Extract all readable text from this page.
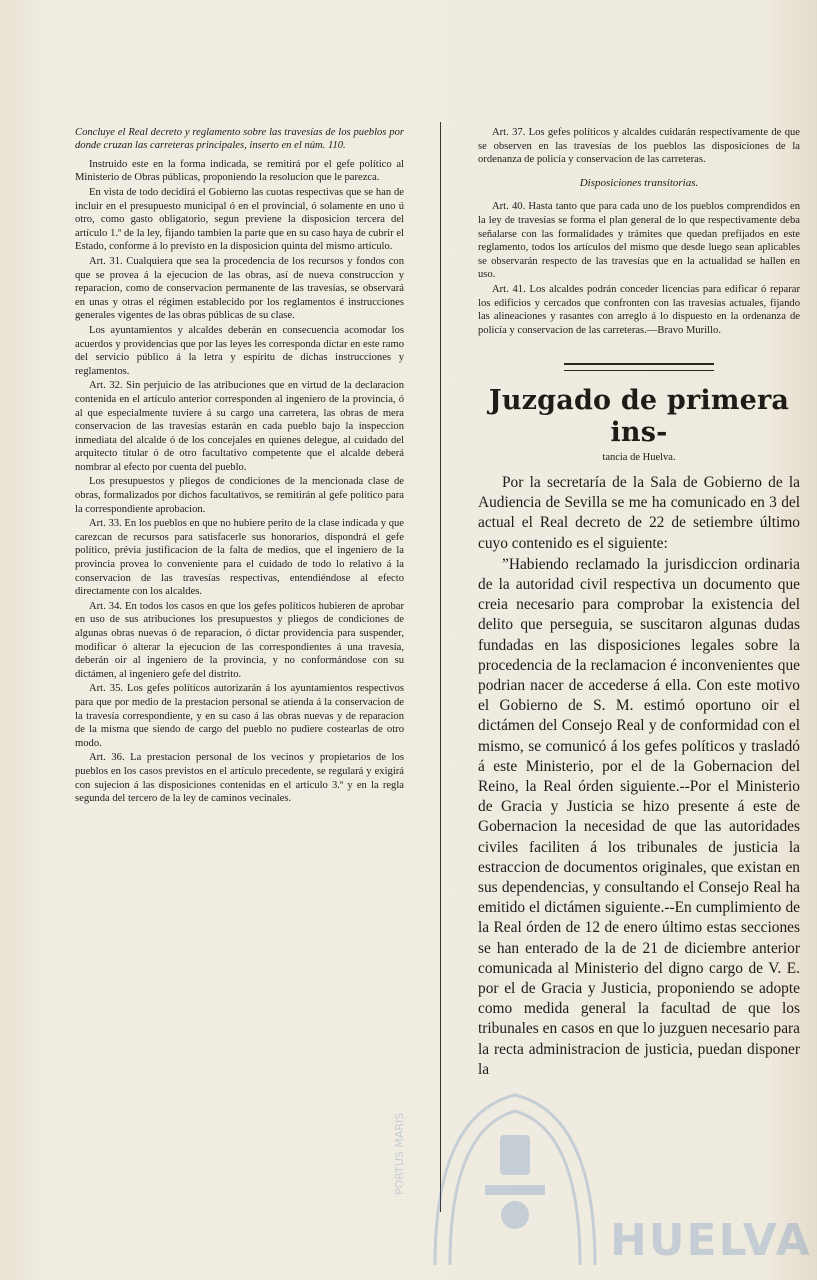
Concluye el Real decreto y reglamento sobre las travesías de los pueblos por donde cruzan las carreteras principales, inserto en el núm. 110.

Instruido este en la forma indicada, se remitirá por el gefe político al Ministerio de Obras públicas, proponiendo la resolucion que le parezca.

En vista de todo decidirá el Gobierno las cuotas respectivas que se han de incluir en el presupuesto municipal ó en el provincial, ó solamente en uno ú otro, como gasto obligatorio, segun previene la disposicion tercera del artículo 1.º de la ley, fijando tambien la parte que en su caso haya de cubrir el Estado, conforme á lo previsto en la disposicion quinta del mismo artículo.

Art. 31. Cualquiera que sea la procedencia de los recursos y fondos con que se provea á la ejecucion de las obras, así de nueva construccion y reparacion, como de conservacion permanente de las travesías, se observará en unas y otras el régimen establecido por los reglamentos é instrucciones generales vigentes de las obras públicas de su clase.

Los ayuntamientos y alcaldes deberán en consecuencia acomodar los acuerdos y providencias que por las leyes les corresponda dictar en este ramo del servicio público á la letra y espíritu de dichas instrucciones y reglamentos.

Art. 32. Sin perjuicio de las atribuciones que en virtud de la declaracion contenida en el artículo anterior corresponden al ingeniero de la provincia, ó al que especialmente tuviere á su cargo una carretera, las obras de mera conservacion de las travesías estarán en cada pueblo bajo la inspeccion inmediata del alcalde ó de los concejales en quienes delegue, al cuidado del arquitecto titular ó de otro facultativo competente que el alcalde deberá nombrar al efecto por cuenta del pueblo.

Los presupuestos y pliegos de condiciones de la mencionada clase de obras, formalizados por dichos facultativos, se remitirán al gefe político para la correspondiente aprobacion.

Art. 33. En los pueblos en que no hubiere perito de la clase indicada y que carezcan de recursos para satisfacerle sus honorarios, dispondrá el gefe político, prévia justificacion de la falta de medios, que el ingeniero de la provincia provea lo conveniente para el cuidado de todo lo relativo á la conservacion de las travesías respectivas, entendiéndose al efecto directamente con los alcaldes.

Art. 34. En todos los casos en que los gefes políticos hubieren de aprobar en uso de sus atribuciones los presupuestos y pliegos de condiciones de algunas obras nuevas ó de reparacion, ó dictar providencia para suspender, modificar ó alterar la ejecucion de las correspondientes á una travesía, deberán oir al ingeniero de la provincia, y no conformándose con su dictámen, al ingeniero gefe del distrito.

Art. 35. Los gefes políticos autorizarán á los ayuntamientos respectivos para que por medio de la prestacion personal se atienda á la conservacion de la travesía correspondiente, y en su caso á las obras nuevas y de reparacion de la misma que siendo de cargo del pueblo no pudiere costearlas de otro modo.

Art. 36. La prestacion personal de los vecinos y propietarios de los pueblos en los casos previstos en el artículo precedente, se regulará y exigirá con sujecion á las disposiciones contenidas en el artículo 3.º y en la regla segunda del tercero de la ley de caminos vecinales.

Art. 37. Los gefes políticos y alcaldes cuidarán respectivamente de que se observen en las travesías de los pueblos las disposiciones de la ordenanza de policía y conservacion de las carreteras.

Disposiciones transitorias.

Art. 40. Hasta tanto que para cada uno de los pueblos comprendidos en la ley de travesías se forma el plan general de lo que respectivamente deba señalarse con las formalidades y trámites que quedan prefijados en este reglamento, todos los artículos del mismo que desde luego sean aplicables se observarán respecto de las travesías que en la actualidad se hallen en uso.

Art. 41. Los alcaldes podrán conceder licencias para edificar ó reparar los edificios y cercados que confronten con las travesías actuales, fijando las alineaciones y rasantes con arreglo á lo dispuesto en la ordenanza de policía y conservacion de las carreteras.—Bravo Murillo.

Juzgado de primera ins-
tancia de Huelva.

Por la secretaría de la Sala de Gobierno de la Audiencia de Sevilla se me ha comunicado en 3 del actual el Real decreto de 22 de setiembre último cuyo contenido es el siguiente:

”Habiendo reclamado la jurisdiccion ordinaria de la autoridad civil respectiva un documento que creia necesario para comprobar la existencia del delito que perseguia, se suscitaron algunas dudas fundadas en las disposiciones legales sobre la procedencia de la reclamacion é inconvenientes que podrian nacer de accederse á ella. Con este motivo el Gobierno de S. M. estimó oportuno oir el dictámen del Consejo Real y de conformidad con el mismo, se comunicó á los gefes políticos y trasladó á este Ministerio, por el de la Gobernacion del Reino, la Real órden siguiente.--Por el Ministerio de Gracia y Justicia se hizo presente á este de Gobernacion la necesidad de que las autoridades civiles faciliten á los tribunales de justicia la estraccion de documentos originales, que existan en sus dependencias, y consultando el Consejo Real ha emitido el dictámen siguiente.--En cumplimiento de la Real órden de 12 de enero último estas secciones se han enterado de la de 21 de diciembre anterior comunicada al Ministerio del digno cargo de V. E. por el de Gracia y Justicia, proponiendo se adopte como medida general la facultad de que los tribunales en casos en que lo juzguen necesario para la recta administracion de justicia, puedan disponer la

PORTUS MARIS
HUELVA
